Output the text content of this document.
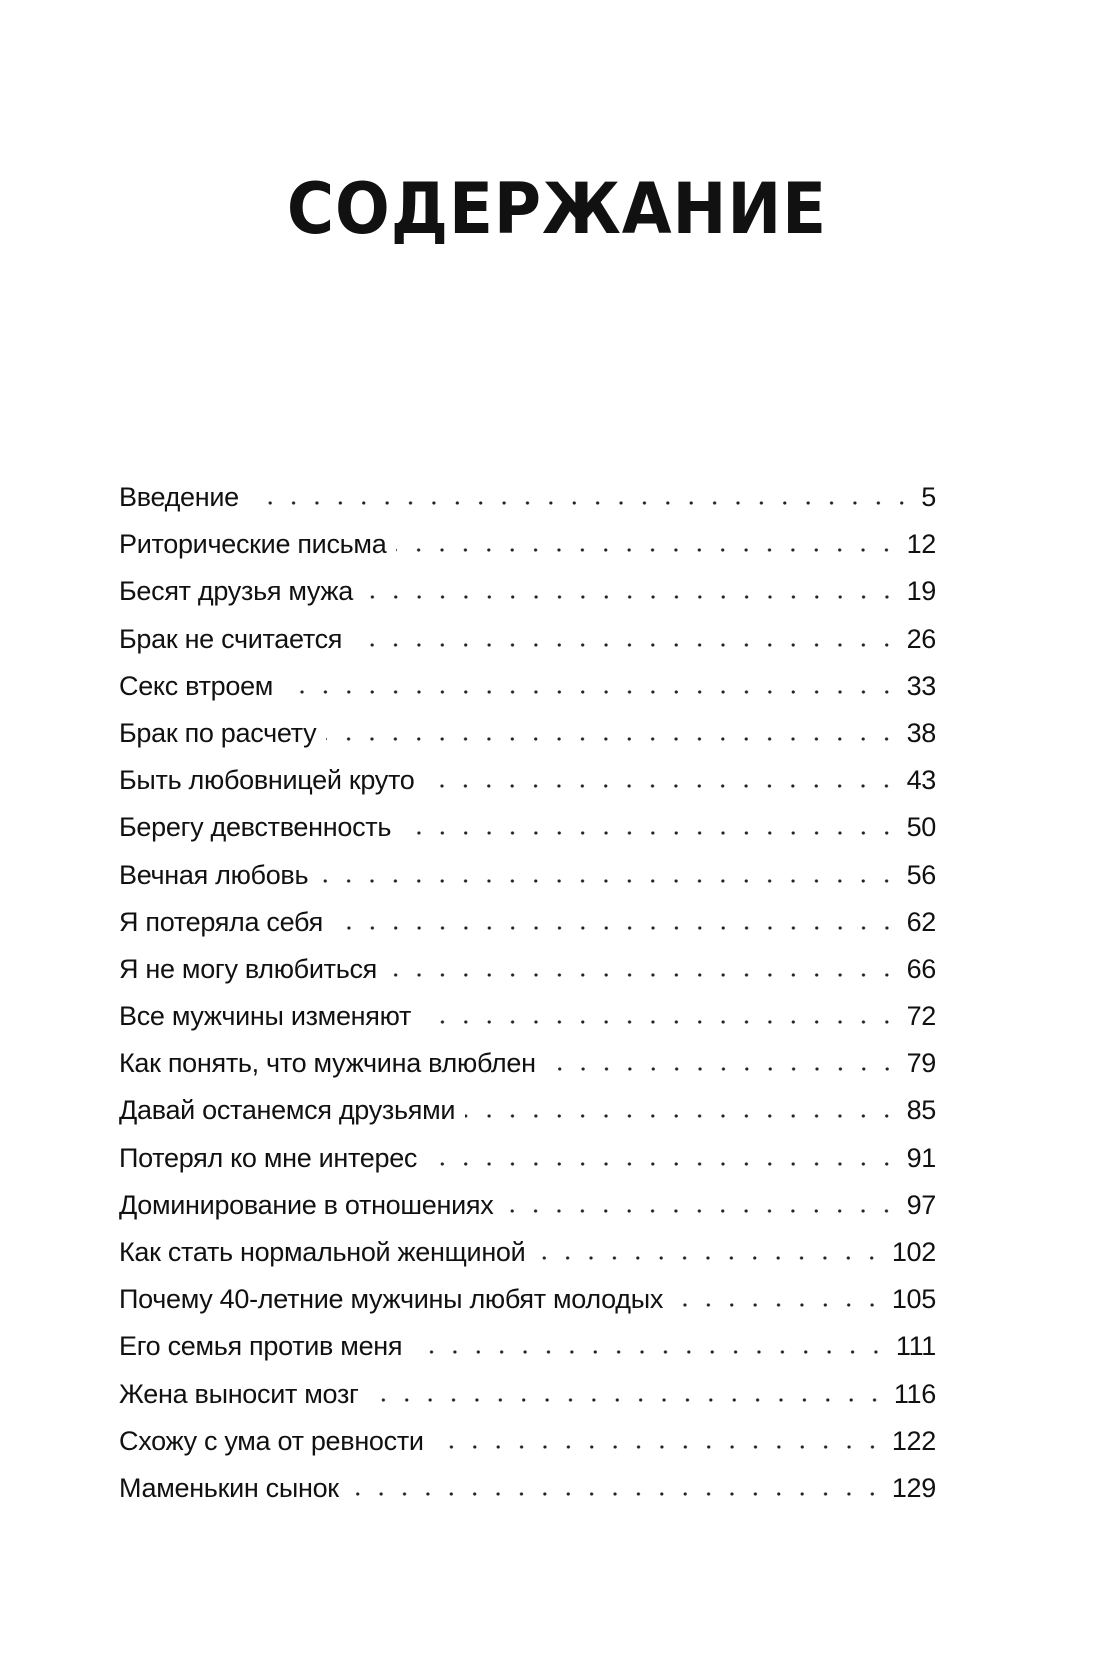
СОДЕРЖАНИЕ
Введение	5
Риторические письма	12
Бесят друзья мужа	19
Брак не считается	26
Секс втроем	33
Брак по расчету	38
Быть любовницей круто	43
Берегу девственность	50
Вечная любовь	56
Я потеряла себя	62
Я не могу влюбиться	66
Все мужчины изменяют	72
Как понять, что мужчина влюблен	79
Давай останемся друзьями	85
Потерял ко мне интерес	91
Доминирование в отношениях	97
Как стать нормальной женщиной	102
Почему 40-летние мужчины любят молодых	105
Его семья против меня	111
Жена выносит мозг	116
Схожу с ума от ревности	122
Маменькин сынок	129
